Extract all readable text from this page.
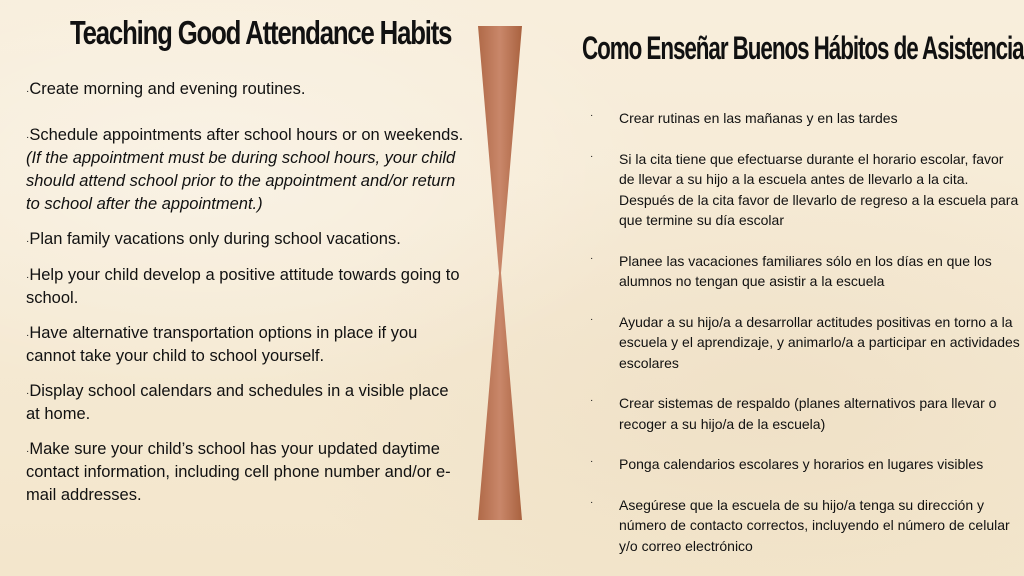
Teaching Good Attendance Habits	Como Enseñar Buenos Hábitos de Asistencia

·Create morning and evening routines.

·Schedule appointments after school hours or on weekends. (If the appointment must be during school hours, your child should attend school prior to the appointment and/or return to school after the appointment.)

·Plan family vacations only during school vacations.

·Help your child develop a positive attitude towards going to school.

·Have alternative transportation options in place if you cannot take your child to school yourself.

·Display school calendars and schedules in a visible place at home.

·Make sure your child’s school has your updated daytime contact information, including cell phone number and/or e-mail addresses.

· Crear rutinas en las mañanas y en las tardes
· Si la cita tiene que efectuarse durante el horario escolar, favor de llevar a su hijo a la escuela antes de llevarlo a la cita. Después de la cita favor de llevarlo de regreso a la escuela para que termine su día escolar
· Planee las vacaciones familiares sólo en los días en que los alumnos no tengan que asistir a la escuela
· Ayudar a su hijo/a a desarrollar actitudes positivas en torno a la escuela y el aprendizaje, y animarlo/a a participar en actividades escolares
· Crear sistemas de respaldo (planes alternativos para llevar o recoger a su hijo/a de la escuela)
· Ponga calendarios escolares y horarios en lugares visibles
· Asegúrese que la escuela de su hijo/a tenga su dirección y número de contacto correctos, incluyendo el número de celular y/o correo electrónico
